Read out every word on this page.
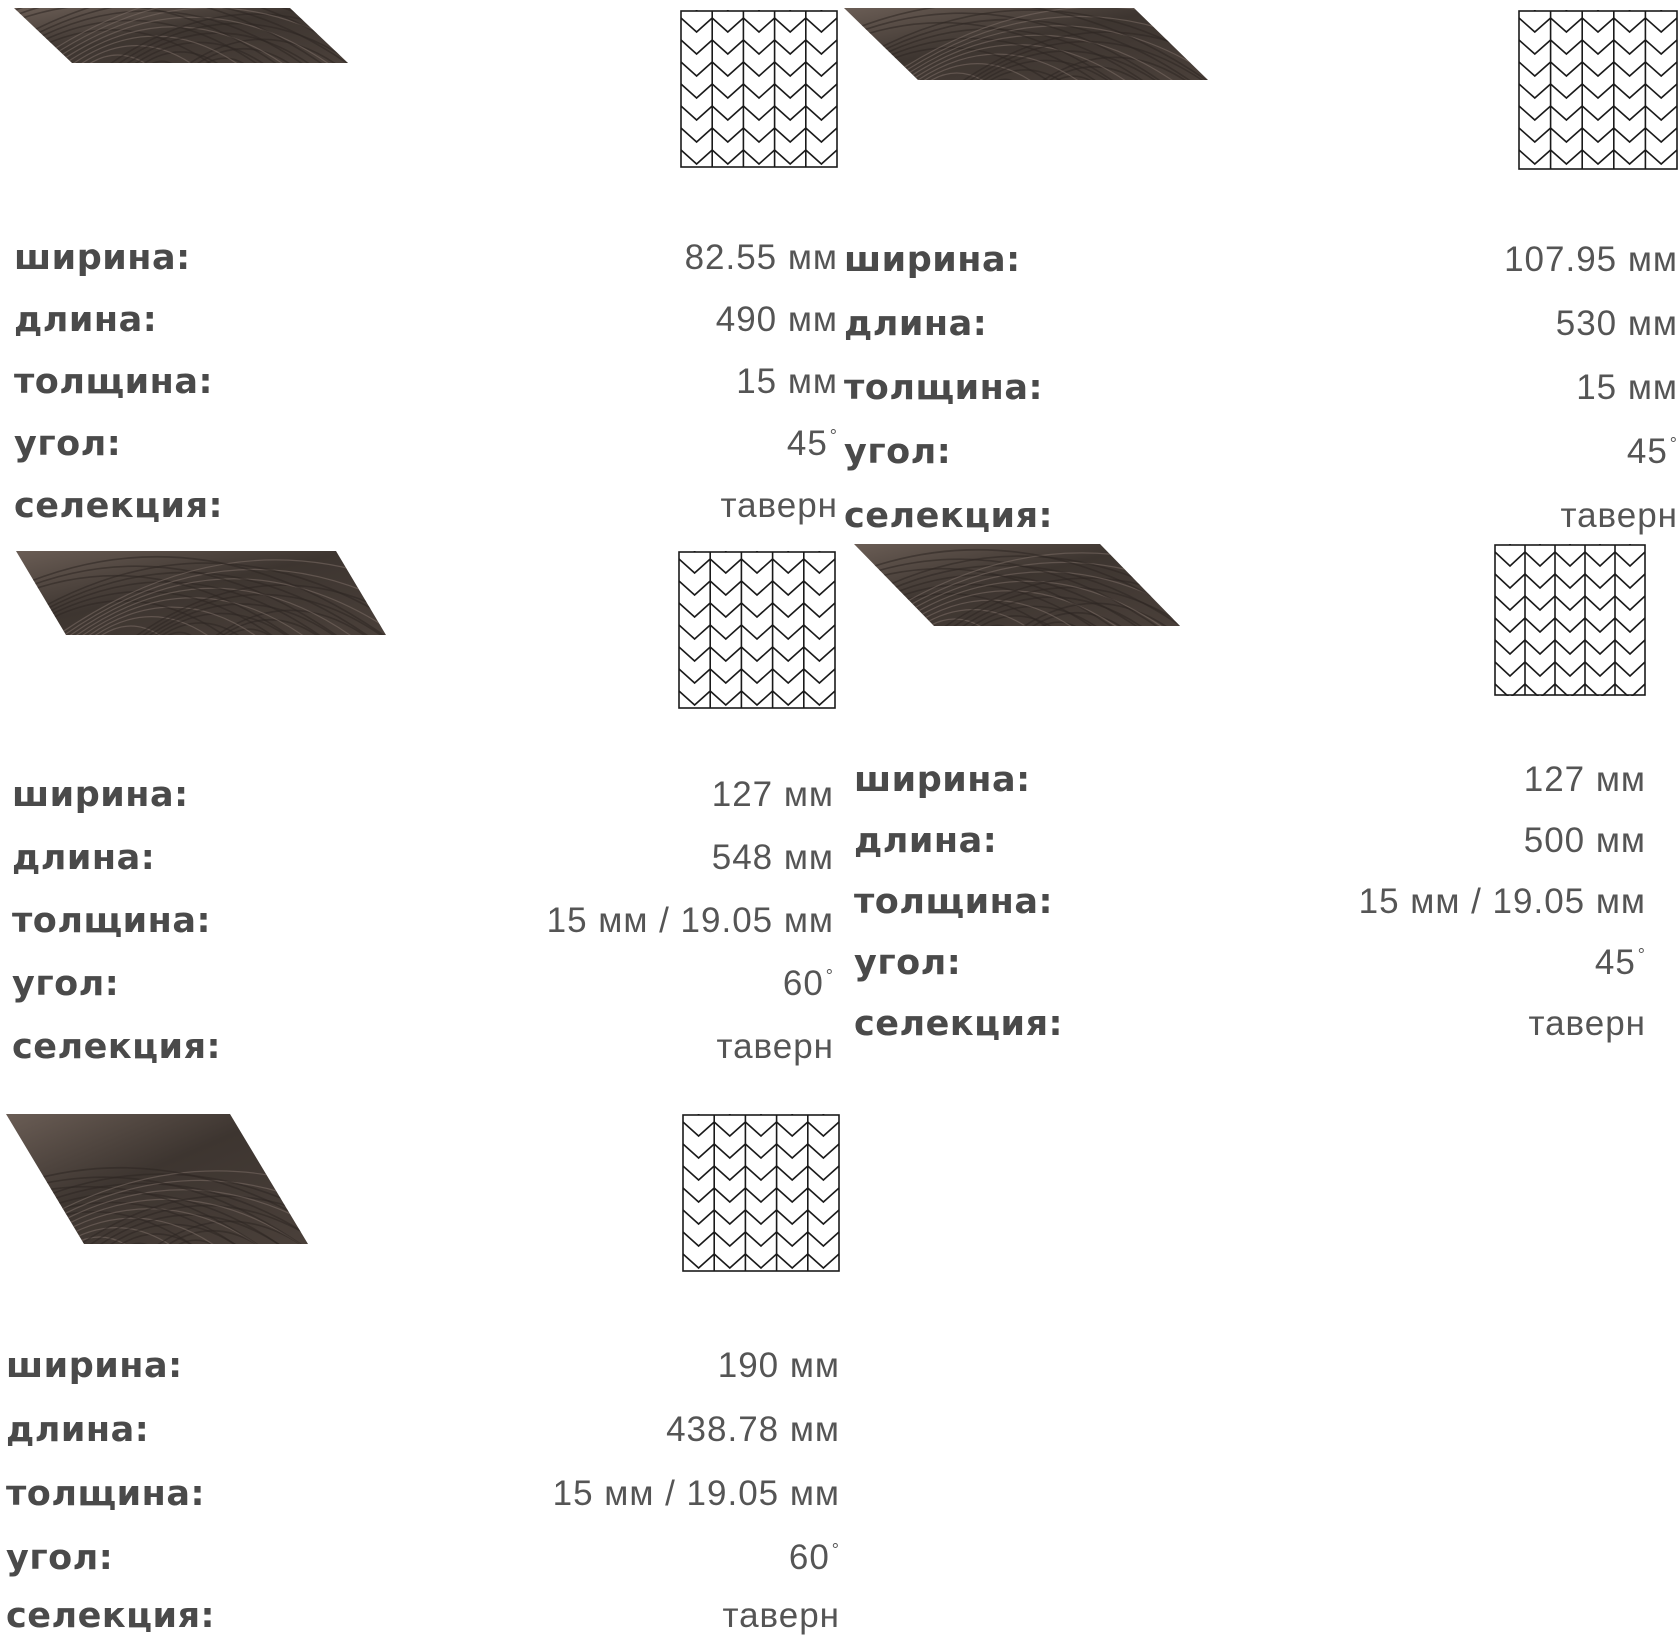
ширина:	82.55 мм
длина:	490 мм
толщина:	15 мм
угол:	45 °
селекция:	таверн
ширина:	107.95 мм
длина:	530 мм
толщина:	15 мм
угол:	45 °
селекция:	таверн
ширина:	127 мм
длина:	548 мм
толщина:	15 мм / 19.05 мм
угол:	60 °
селекция:	таверн
ширина:	127 мм
длина:	500 мм
толщина:	15 мм / 19.05 мм
угол:	45 °
селекция:	таверн
ширина:	190 мм
длина:	438.78 мм
толщина:	15 мм / 19.05 мм
угол:	60 °
селекция:	таверн
